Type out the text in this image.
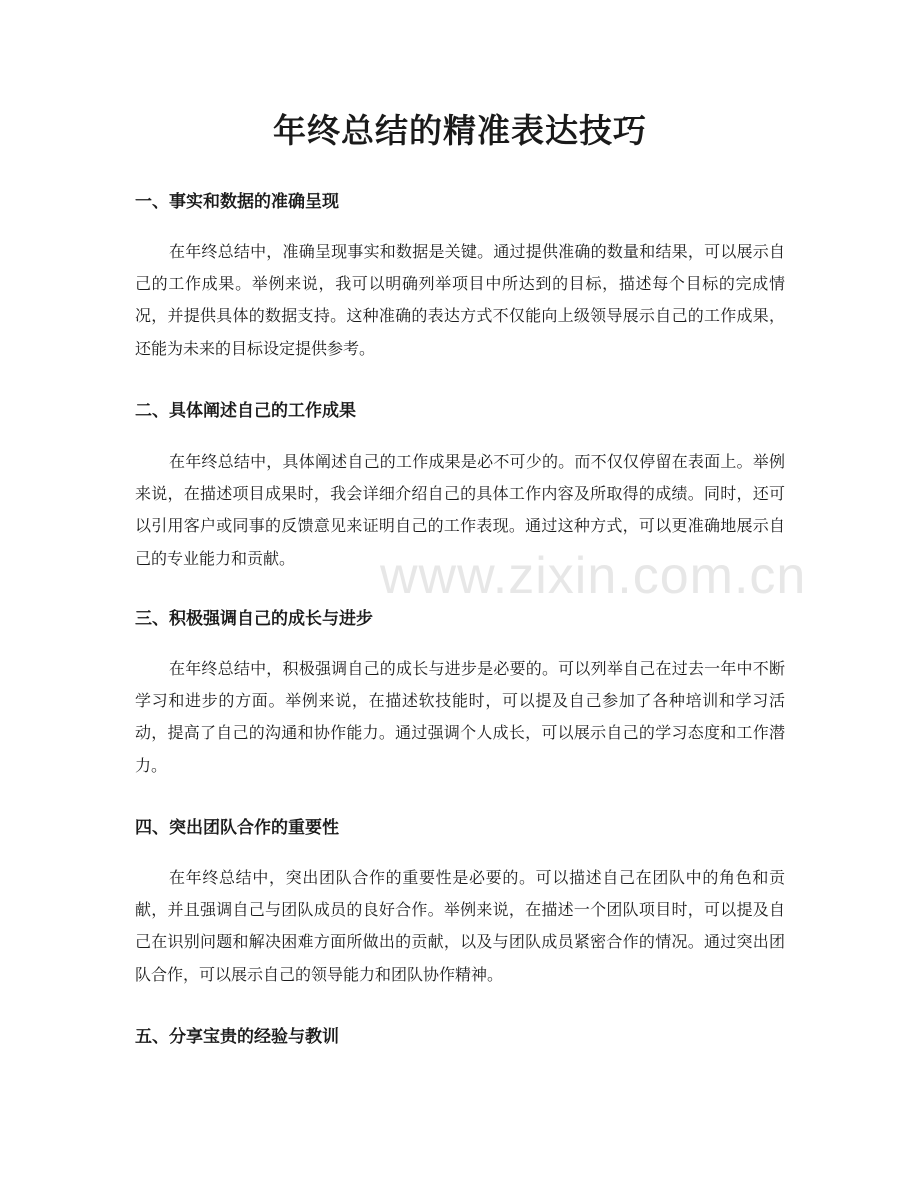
年终总结的精准表达技巧
www.zixin.com.cn
一、事实和数据的准确呈现

在年终总结中，准确呈现事实和数据是关键。通过提供准确的数量和结果，可以展示自己的工作成果。举例来说，我可以明确列举项目中所达到的目标，描述每个目标的完成情况，并提供具体的数据支持。这种准确的表达方式不仅能向上级领导展示自己的工作成果，还能为未来的目标设定提供参考。

二、具体阐述自己的工作成果

在年终总结中，具体阐述自己的工作成果是必不可少的。而不仅仅停留在表面上。举例来说，在描述项目成果时，我会详细介绍自己的具体工作内容及所取得的成绩。同时，还可以引用客户或同事的反馈意见来证明自己的工作表现。通过这种方式，可以更准确地展示自己的专业能力和贡献。

三、积极强调自己的成长与进步

在年终总结中，积极强调自己的成长与进步是必要的。可以列举自己在过去一年中不断学习和进步的方面。举例来说，在描述软技能时，可以提及自己参加了各种培训和学习活动，提高了自己的沟通和协作能力。通过强调个人成长，可以展示自己的学习态度和工作潜力。

四、突出团队合作的重要性

在年终总结中，突出团队合作的重要性是必要的。可以描述自己在团队中的角色和贡献，并且强调自己与团队成员的良好合作。举例来说，在描述一个团队项目时，可以提及自己在识别问题和解决困难方面所做出的贡献，以及与团队成员紧密合作的情况。通过突出团队合作，可以展示自己的领导能力和团队协作精神。

五、分享宝贵的经验与教训
